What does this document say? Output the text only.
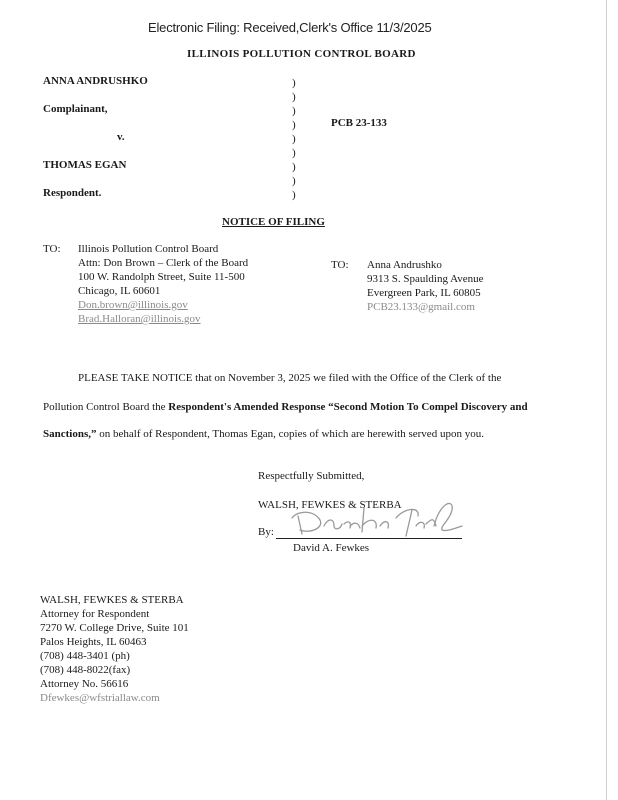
Electronic Filing: Received,Clerk's Office 11/3/2025
ILLINOIS POLLUTION CONTROL BOARD
ANNA ANDRUSHKO
Complainant,
v.
THOMAS EGAN
Respondent.
)
)
)
)
)
)
)
)
)
PCB 23-133
NOTICE OF FILING
TO: Illinois Pollution Control Board
Attn: Don Brown – Clerk of the Board
100 W. Randolph Street, Suite 11-500
Chicago, IL 60601
Don.brown@illinois.gov
Brad.Halloran@illinois.gov
TO: Anna Andrushko
9313 S. Spaulding Avenue
Evergreen Park, IL 60805
PCB23.133@gmail.com
PLEASE TAKE NOTICE that on November 3, 2025 we filed with the Office of the Clerk of the
Pollution Control Board the Respondent's Amended Response “Second Motion To Compel Discovery and
Sanctions,” on behalf of Respondent, Thomas Egan, copies of which are herewith served upon you.
Respectfully Submitted,
WALSH, FEWKES & STERBA
By:
David A. Fewkes
WALSH, FEWKES & STERBA
Attorney for Respondent
7270 W. College Drive, Suite 101
Palos Heights, IL 60463
(708) 448-3401 (ph)
(708) 448-8022(fax)
Attorney No. 56616
Dfewkes@wfstriallaw.com
